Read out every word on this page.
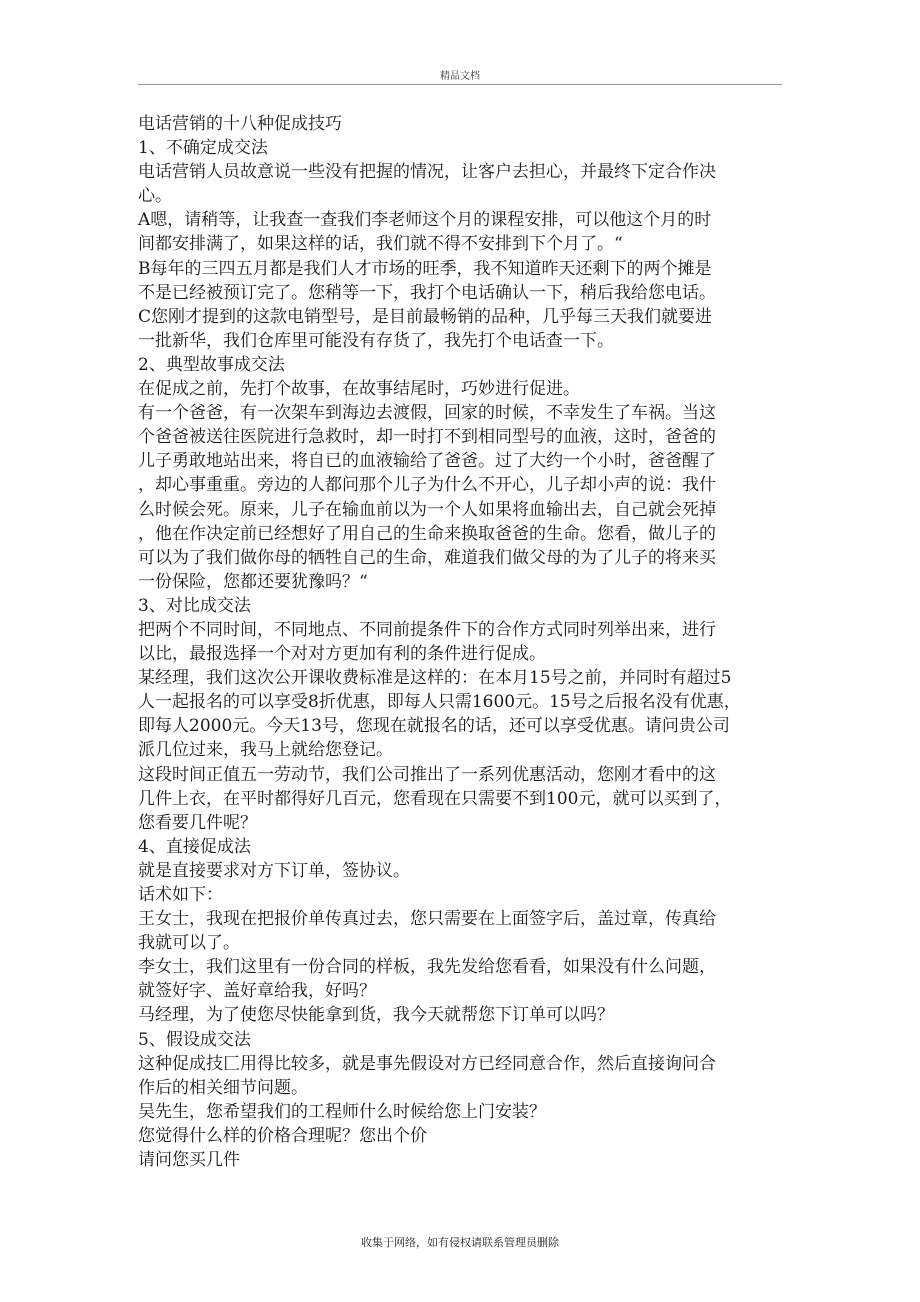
精品文档
电话营销的十八种促成技巧
1、不确定成交法
电话营销人员故意说一些没有把握的情况，让客户去担心，并最终下定合作决
心。
A嗯，请稍等，让我查一查我们李老师这个月的课程安排，可以他这个月的时
间都安排满了，如果这样的话，我们就不得不安排到下个月了。“
B每年的三四五月都是我们人才市场的旺季，我不知道昨天还剩下的两个摊是
不是已经被预订完了。您稍等一下，我打个电话确认一下，稍后我给您电话。
C您刚才提到的这款电销型号，是目前最畅销的品种，几乎每三天我们就要进
一批新华，我们仓库里可能没有存货了，我先打个电话查一下。
2、典型故事成交法
在促成之前，先打个故事，在故事结尾时，巧妙进行促进。
有一个爸爸，有一次架车到海边去渡假，回家的时候，不幸发生了车祸。当这
个爸爸被送往医院进行急救时，却一时打不到相同型号的血液，这时，爸爸的
儿子勇敢地站出来，将自已的血液输给了爸爸。过了大约一个小时，爸爸醒了
，却心事重重。旁边的人都问那个儿子为什么不开心，儿子却小声的说：我什
么时候会死。原来，儿子在输血前以为一个人如果将血输出去，自己就会死掉
，他在作决定前已经想好了用自己的生命来换取爸爸的生命。您看，做儿子的
可以为了我们做你母的牺牲自己的生命，难道我们做父母的为了儿子的将来买
一份保险，您都还要犹豫吗？“
3、对比成交法
把两个不同时间，不同地点、不同前提条件下的合作方式同时列举出来，进行
以比，最报选择一个对对方更加有利的条件进行促成。
某经理，我们这次公开课收费标准是这样的：在本月15号之前，并同时有超过5
人一起报名的可以享受8折优惠，即每人只需1600元。15号之后报名没有优惠，
即每人2000元。今天13号，您现在就报名的话，还可以享受优惠。请问贵公司
派几位过来，我马上就给您登记。
这段时间正值五一劳动节，我们公司推出了一系列优惠活动，您刚才看中的这
几件上衣，在平时都得好几百元，您看现在只需要不到100元，就可以买到了，
您看要几件呢？
4、直接促成法
就是直接要求对方下订单，签协议。
话术如下：
王女士，我现在把报价单传真过去，您只需要在上面签字后，盖过章，传真给
我就可以了。
李女士，我们这里有一份合同的样板，我先发给您看看，如果没有什么问题，
就签好字、盖好章给我，好吗？
马经理，为了使您尽快能拿到货，我今天就帮您下订单可以吗？
5、假设成交法
这种促成技匚用得比较多，就是事先假设对方已经同意合作，然后直接询问合
作后的相关细节问题。
吴先生，您希望我们的工程师什么时候给您上门安装？
您觉得什么样的价格合理呢？您出个价
请问您买几件
收集于网络，如有侵权请联系管理员删除
